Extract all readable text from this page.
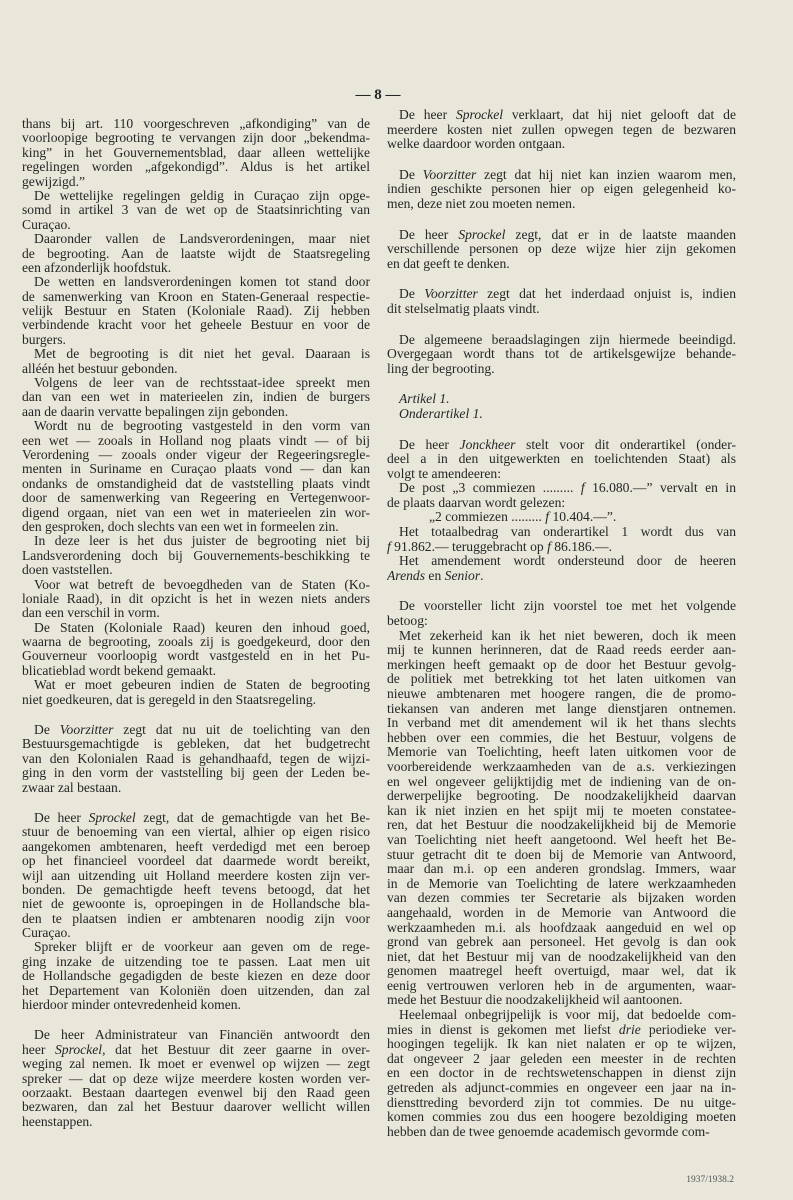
— 8 —
thans bij art. 110 voorgeschreven „afkondiging” van de
voorloopige begrooting te vervangen zijn door „bekendma-
king” in het Gouvernementsblad, daar alleen wettelijke
regelingen worden „afgekondigd”. Aldus is het artikel
gewijzigd.”
De wettelijke regelingen geldig in Curaçao zijn opge-
somd in artikel 3 van de wet op de Staatsinrichting van
Curaçao.
Daaronder vallen de Landsverordeningen, maar niet
de begrooting. Aan de laatste wijdt de Staatsregeling
een afzonderlijk hoofdstuk.
De wetten en landsverordeningen komen tot stand door
de samenwerking van Kroon en Staten-Generaal respectie-
velijk Bestuur en Staten (Koloniale Raad). Zij hebben
verbindende kracht voor het geheele Bestuur en voor de
burgers.
Met de begrooting is dit niet het geval. Daaraan is
alléén het bestuur gebonden.
Volgens de leer van de rechtsstaat-idee spreekt men
dan van een wet in materieelen zin, indien de burgers
aan de daarin vervatte bepalingen zijn gebonden.
Wordt nu de begrooting vastgesteld in den vorm van
een wet — zooals in Holland nog plaats vindt — of bij
Verordening — zooals onder vigeur der Regeeringsregle-
menten in Suriname en Curaçao plaats vond — dan kan
ondanks de omstandigheid dat de vaststelling plaats vindt
door de samenwerking van Regeering en Vertegenwoor-
digend orgaan, niet van een wet in materieelen zin wor-
den gesproken, doch slechts van een wet in formeelen zin.
In deze leer is het dus juister de begrooting niet bij
Landsverordening doch bij Gouvernements-beschikking te
doen vaststellen.
Voor wat betreft de bevoegdheden van de Staten (Ko-
loniale Raad), in dit opzicht is het in wezen niets anders
dan een verschil in vorm.
De Staten (Koloniale Raad) keuren den inhoud goed,
waarna de begrooting, zooals zij is goedgekeurd, door den
Gouverneur voorloopig wordt vastgesteld en in het Pu-
blicatieblad wordt bekend gemaakt.
Wat er moet gebeuren indien de Staten de begrooting
niet goedkeuren, dat is geregeld in den Staatsregeling.
De Voorzitter zegt dat nu uit de toelichting van den
Bestuursgemachtigde is gebleken, dat het budgetrecht
van den Kolonialen Raad is gehandhaafd, tegen de wijzi-
ging in den vorm der vaststelling bij geen der Leden be-
zwaar zal bestaan.
De heer Sprockel zegt, dat de gemachtigde van het Be-
stuur de benoeming van een viertal, alhier op eigen risico
aangekomen ambtenaren, heeft verdedigd met een beroep
op het financieel voordeel dat daarmede wordt bereikt,
wijl aan uitzending uit Holland meerdere kosten zijn ver-
bonden. De gemachtigde heeft tevens betoogd, dat het
niet de gewoonte is, oproepingen in de Hollandsche bla-
den te plaatsen indien er ambtenaren noodig zijn voor
Curaçao.
Spreker blijft er de voorkeur aan geven om de rege-
ging inzake de uitzending toe te passen. Laat men uit
de Hollandsche gegadigden de beste kiezen en deze door
het Departement van Koloniën doen uitzenden, dan zal
hierdoor minder ontevredenheid komen.
De heer Administrateur van Financiën antwoordt den
heer Sprockel, dat het Bestuur dit zeer gaarne in over-
weging zal nemen. Ik moet er evenwel op wijzen — zegt
spreker — dat op deze wijze meerdere kosten worden ver-
oorzaakt. Bestaan daartegen evenwel bij den Raad geen
bezwaren, dan zal het Bestuur daarover wellicht willen
heenstappen.
De heer Sprockel verklaart, dat hij niet gelooft dat de
meerdere kosten niet zullen opwegen tegen de bezwaren
welke daardoor worden ontgaan.
De Voorzitter zegt dat hij niet kan inzien waarom men,
indien geschikte personen hier op eigen gelegenheid ko-
men, deze niet zou moeten nemen.
De heer Sprockel zegt, dat er in de laatste maanden
verschillende personen op deze wijze hier zijn gekomen
en dat geeft te denken.
De Voorzitter zegt dat het inderdaad onjuist is, indien
dit stelselmatig plaats vindt.
De algemeene beraadslagingen zijn hiermede beeindigd.
Overgegaan wordt thans tot de artikelsgewijze behande-
ling der begrooting.
Artikel 1.
Onderartikel 1.
De heer Jonckheer stelt voor dit onderartikel (onder-
deel a in den uitgewerkten en toelichtenden Staat) als
volgt te amendeeren:
De post „3 commiezen ......... f 16.080.—” vervalt en in
de plaats daarvan wordt gelezen:
„2 commiezen ......... f 10.404.—”.
Het totaalbedrag van onderartikel 1 wordt dus van
f 91.862.— teruggebracht op f 86.186.—.
Het amendement wordt ondersteund door de heeren
Arends en Senior.
De voorsteller licht zijn voorstel toe met het volgende
betoog:
Met zekerheid kan ik het niet beweren, doch ik meen
mij te kunnen herinneren, dat de Raad reeds eerder aan-
merkingen heeft gemaakt op de door het Bestuur gevolg-
de politiek met betrekking tot het laten uitkomen van
nieuwe ambtenaren met hoogere rangen, die de promo-
tiekansen van anderen met lange dienstjaren ontnemen.
In verband met dit amendement wil ik het thans slechts
hebben over een commies, die het Bestuur, volgens de
Memorie van Toelichting, heeft laten uitkomen voor de
voorbereidende werkzaamheden van de a.s. verkiezingen
en wel ongeveer gelijktijdig met de indiening van de on-
derwerpelijke begrooting. De noodzakelijkheid daarvan
kan ik niet inzien en het spijt mij te moeten constatee-
ren, dat het Bestuur die noodzakelijkheid bij de Memorie
van Toelichting niet heeft aangetoond. Wel heeft het Be-
stuur getracht dit te doen bij de Memorie van Antwoord,
maar dan m.i. op een anderen grondslag. Immers, waar
in de Memorie van Toelichting de latere werkzaamheden
van dezen commies ter Secretarie als bijzaken worden
aangehaald, worden in de Memorie van Antwoord die
werkzaamheden m.i. als hoofdzaak aangeduid en wel op
grond van gebrek aan personeel. Het gevolg is dan ook
niet, dat het Bestuur mij van de noodzakelijkheid van den
genomen maatregel heeft overtuigd, maar wel, dat ik
eenig vertrouwen verloren heb in de argumenten, waar-
mede het Bestuur die noodzakelijkheid wil aantoonen.
Heelemaal onbegrijpelijk is voor mij, dat bedoelde com-
mies in dienst is gekomen met liefst drie periodieke ver-
hoogingen tegelijk. Ik kan niet nalaten er op te wijzen,
dat ongeveer 2 jaar geleden een meester in de rechten
en een doctor in de rechtswetenschappen in dienst zijn
getreden als adjunct-commies en ongeveer een jaar na in-
diensttreding bevorderd zijn tot commies. De nu uitge-
komen commies zou dus een hoogere bezoldiging moeten
hebben dan de twee genoemde academisch gevormde com-
1937/1938.2
